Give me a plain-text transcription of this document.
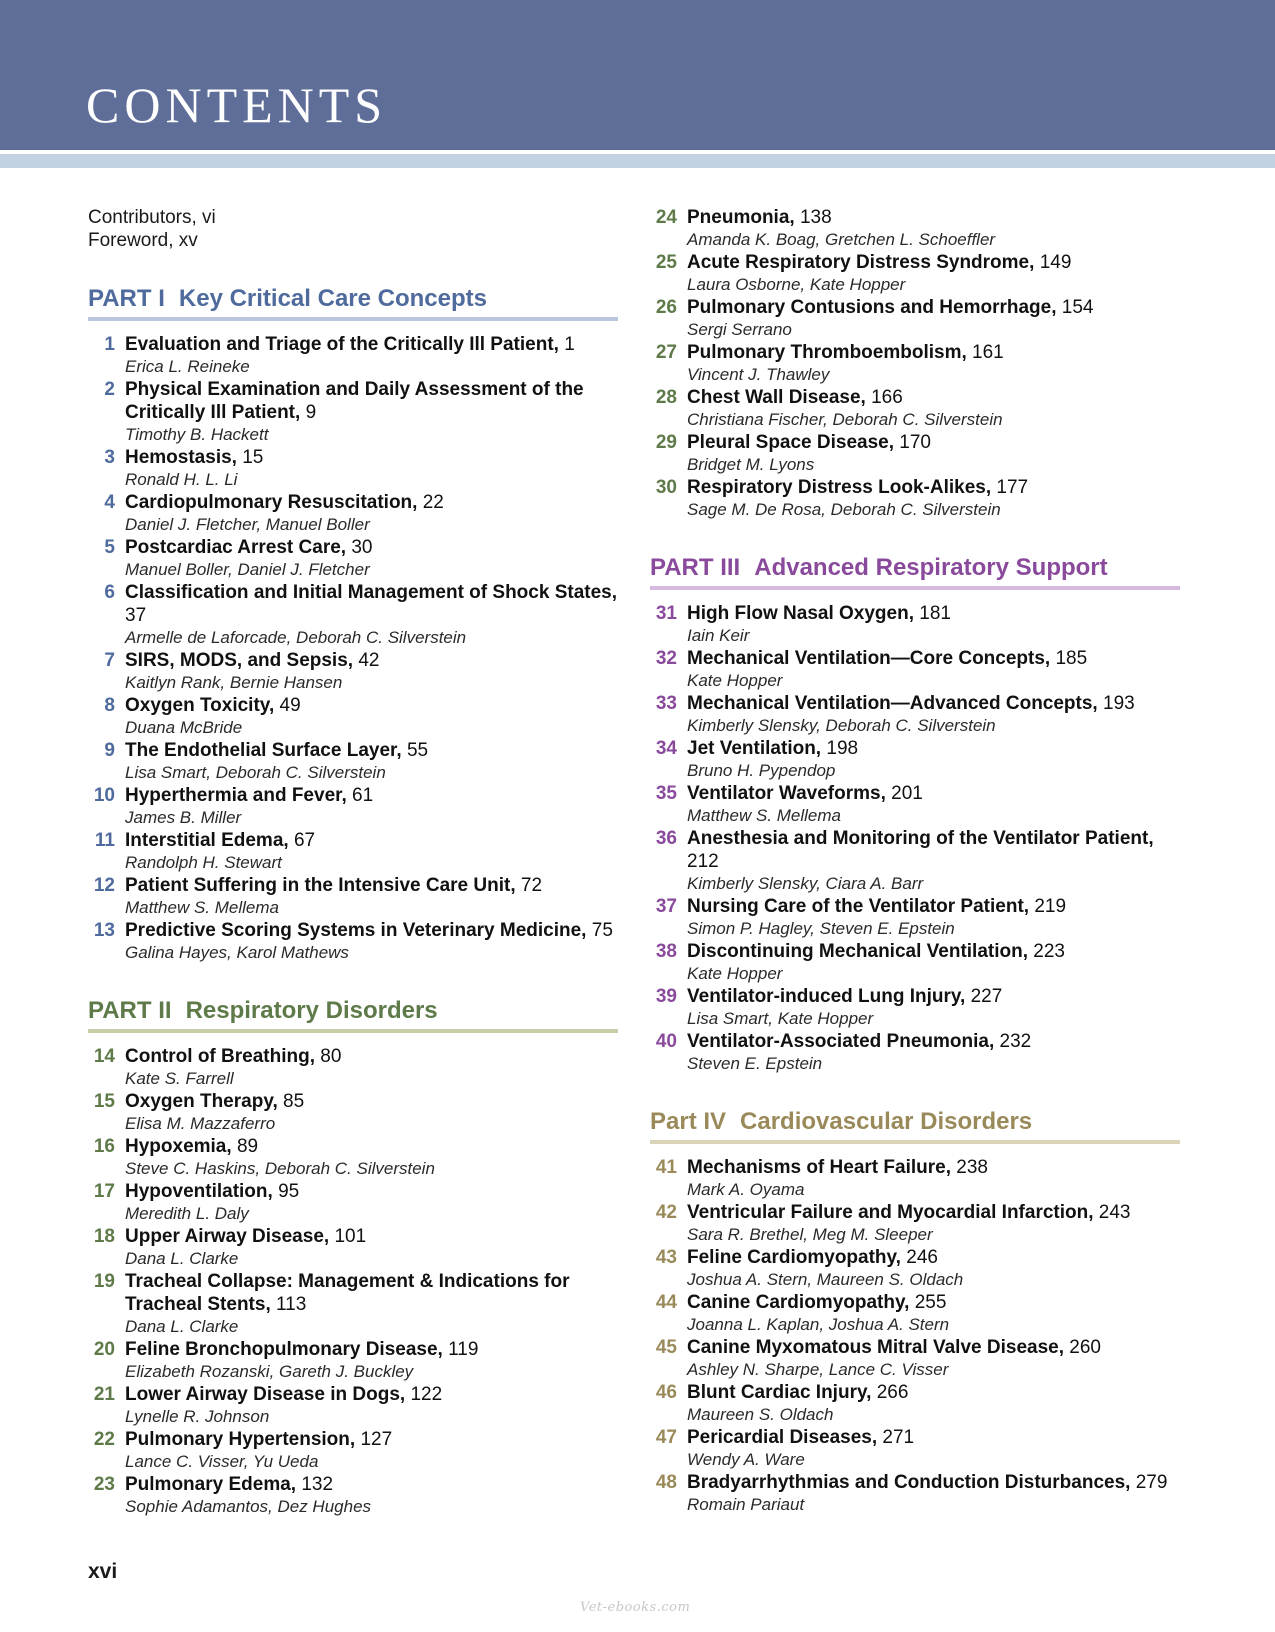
CONTENTS
Contributors, vi
Foreword, xv
PART I Key Critical Care Concepts
1 Evaluation and Triage of the Critically Ill Patient, 1
Erica L. Reineke
2 Physical Examination and Daily Assessment of the Critically Ill Patient, 9
Timothy B. Hackett
3 Hemostasis, 15
Ronald H. L. Li
4 Cardiopulmonary Resuscitation, 22
Daniel J. Fletcher, Manuel Boller
5 Postcardiac Arrest Care, 30
Manuel Boller, Daniel J. Fletcher
6 Classification and Initial Management of Shock States, 37
Armelle de Laforcade, Deborah C. Silverstein
7 SIRS, MODS, and Sepsis, 42
Kaitlyn Rank, Bernie Hansen
8 Oxygen Toxicity, 49
Duana McBride
9 The Endothelial Surface Layer, 55
Lisa Smart, Deborah C. Silverstein
10 Hyperthermia and Fever, 61
James B. Miller
11 Interstitial Edema, 67
Randolph H. Stewart
12 Patient Suffering in the Intensive Care Unit, 72
Matthew S. Mellema
13 Predictive Scoring Systems in Veterinary Medicine, 75
Galina Hayes, Karol Mathews
PART II Respiratory Disorders
14 Control of Breathing, 80
Kate S. Farrell
15 Oxygen Therapy, 85
Elisa M. Mazzaferro
16 Hypoxemia, 89
Steve C. Haskins, Deborah C. Silverstein
17 Hypoventilation, 95
Meredith L. Daly
18 Upper Airway Disease, 101
Dana L. Clarke
19 Tracheal Collapse: Management & Indications for Tracheal Stents, 113
Dana L. Clarke
20 Feline Bronchopulmonary Disease, 119
Elizabeth Rozanski, Gareth J. Buckley
21 Lower Airway Disease in Dogs, 122
Lynelle R. Johnson
22 Pulmonary Hypertension, 127
Lance C. Visser, Yu Ueda
23 Pulmonary Edema, 132
Sophie Adamantos, Dez Hughes
24 Pneumonia, 138
Amanda K. Boag, Gretchen L. Schoeffler
25 Acute Respiratory Distress Syndrome, 149
Laura Osborne, Kate Hopper
26 Pulmonary Contusions and Hemorrhage, 154
Sergi Serrano
27 Pulmonary Thromboembolism, 161
Vincent J. Thawley
28 Chest Wall Disease, 166
Christiana Fischer, Deborah C. Silverstein
29 Pleural Space Disease, 170
Bridget M. Lyons
30 Respiratory Distress Look-Alikes, 177
Sage M. De Rosa, Deborah C. Silverstein
PART III Advanced Respiratory Support
31 High Flow Nasal Oxygen, 181
Iain Keir
32 Mechanical Ventilation—Core Concepts, 185
Kate Hopper
33 Mechanical Ventilation—Advanced Concepts, 193
Kimberly Slensky, Deborah C. Silverstein
34 Jet Ventilation, 198
Bruno H. Pypendop
35 Ventilator Waveforms, 201
Matthew S. Mellema
36 Anesthesia and Monitoring of the Ventilator Patient, 212
Kimberly Slensky, Ciara A. Barr
37 Nursing Care of the Ventilator Patient, 219
Simon P. Hagley, Steven E. Epstein
38 Discontinuing Mechanical Ventilation, 223
Kate Hopper
39 Ventilator-induced Lung Injury, 227
Lisa Smart, Kate Hopper
40 Ventilator-Associated Pneumonia, 232
Steven E. Epstein
Part IV Cardiovascular Disorders
41 Mechanisms of Heart Failure, 238
Mark A. Oyama
42 Ventricular Failure and Myocardial Infarction, 243
Sara R. Brethel, Meg M. Sleeper
43 Feline Cardiomyopathy, 246
Joshua A. Stern, Maureen S. Oldach
44 Canine Cardiomyopathy, 255
Joanna L. Kaplan, Joshua A. Stern
45 Canine Myxomatous Mitral Valve Disease, 260
Ashley N. Sharpe, Lance C. Visser
46 Blunt Cardiac Injury, 266
Maureen S. Oldach
47 Pericardial Diseases, 271
Wendy A. Ware
48 Bradyarrhythmias and Conduction Disturbances, 279
Romain Pariaut
xvi
Vet-ebooks.com
